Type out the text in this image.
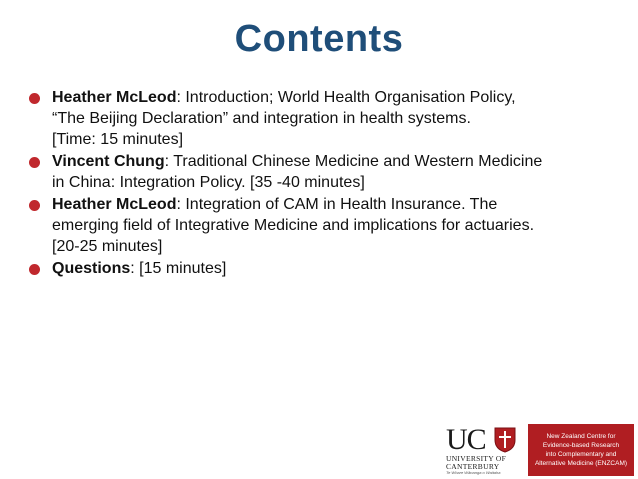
Contents
Heather McLeod: Introduction; World Health Organisation Policy,
“The Beijing Declaration” and integration in health systems.
[Time: 15 minutes]
Vincent Chung: Traditional Chinese Medicine and Western Medicine
in China: Integration Policy. [35 -40 minutes]
Heather McLeod: Integration of CAM in Health Insurance. The
emerging field of Integrative Medicine and implications for actuaries.
[20-25 minutes]
Questions: [15 minutes]
UC
UNIVERSITY OF
CANTERBURY
Te Whare Wānanga o Waitaha
New Zealand Centre for
Evidence-based Research
into Complementary and
Alternative Medicine (ENZCAM)
